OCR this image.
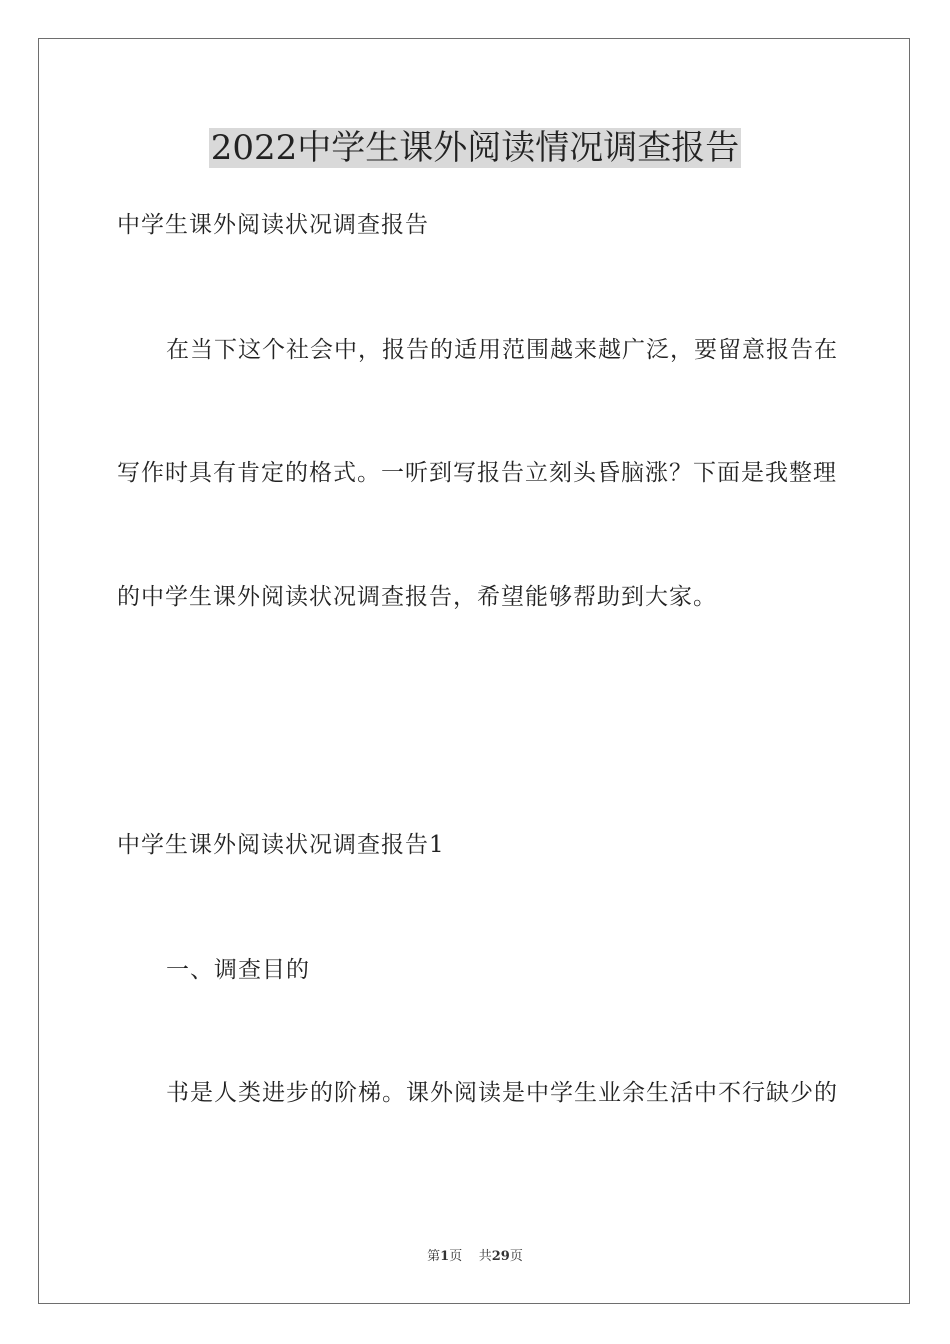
2022中学生课外阅读情况调查报告
中学生课外阅读状况调查报告
在当下这个社会中，报告的适用范围越来越广泛，要留意报告在
写作时具有肯定的格式。一听到写报告立刻头昏脑涨？下面是我整理
的中学生课外阅读状况调查报告，希望能够帮助到大家。
中学生课外阅读状况调查报告1
一、调查目的
书是人类进步的阶梯。课外阅读是中学生业余生活中不行缺少的
第1页 共29页
